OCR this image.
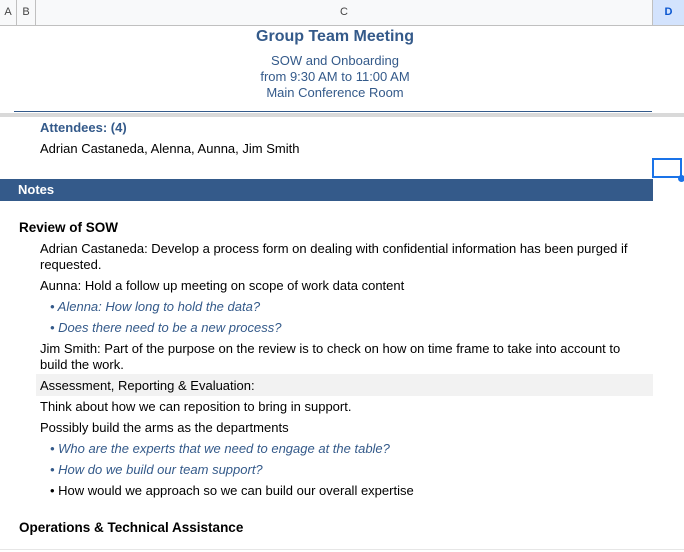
A B	C	D
Group Team Meeting
SOW and Onboarding
from 9:30 AM to 11:00 AM
Main Conference Room
Attendees: (4)
Adrian Castaneda, Alenna, Aunna, Jim Smith
Notes
Review of SOW
Adrian Castaneda: Develop a process form on dealing with confidential information has been purged if
requested.
Aunna: Hold a follow up meeting on scope of work data content
• Alenna: How long to hold the data?
• Does there need to be a new process?
Jim Smith: Part of the purpose on the review is to check on how on time frame to take into account to
build the work.
Assessment, Reporting & Evaluation:
Think about how we can reposition to bring in support.
Possibly build the arms as the departments
• Who are the experts that we need to engage at the table?
• How do we build our team support?
• How would we approach so we can build our overall expertise
Operations & Technical Assistance
